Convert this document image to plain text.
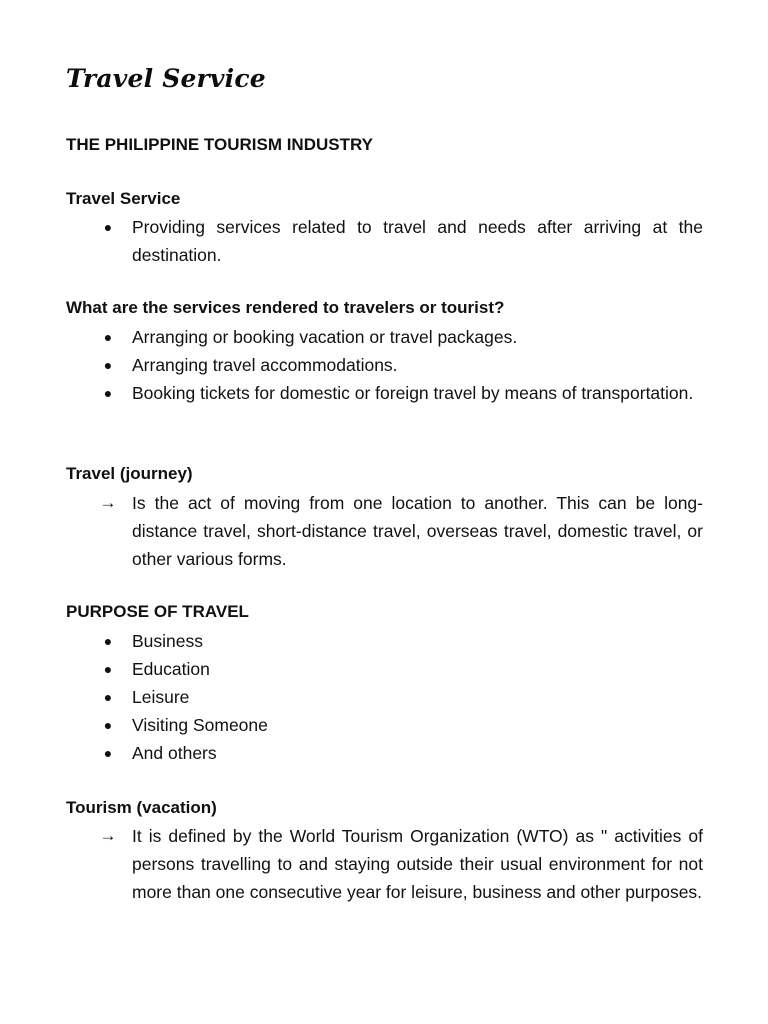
Travel Service
THE PHILIPPINE TOURISM INDUSTRY
Travel Service
●	Providing services related to travel and needs after arriving at the destination.
What are the services rendered to travelers or tourist?
●	Arranging or booking vacation or travel packages.
●	Arranging travel accommodations.
●	Booking tickets for domestic or foreign travel by means of transportation.
Travel (journey)
→ Is the act of moving from one location to another. This can be long-distance travel, short-distance travel, overseas travel, domestic travel, or other various forms.
PURPOSE OF TRAVEL
●	Business
●	Education
●	Leisure
●	Visiting Someone
●	And others
Tourism (vacation)
→ It is defined by the World Tourism Organization (WTO) as " activities of persons travelling to and staying outside their usual environment for not more than one consecutive year for leisure, business and other purposes.
